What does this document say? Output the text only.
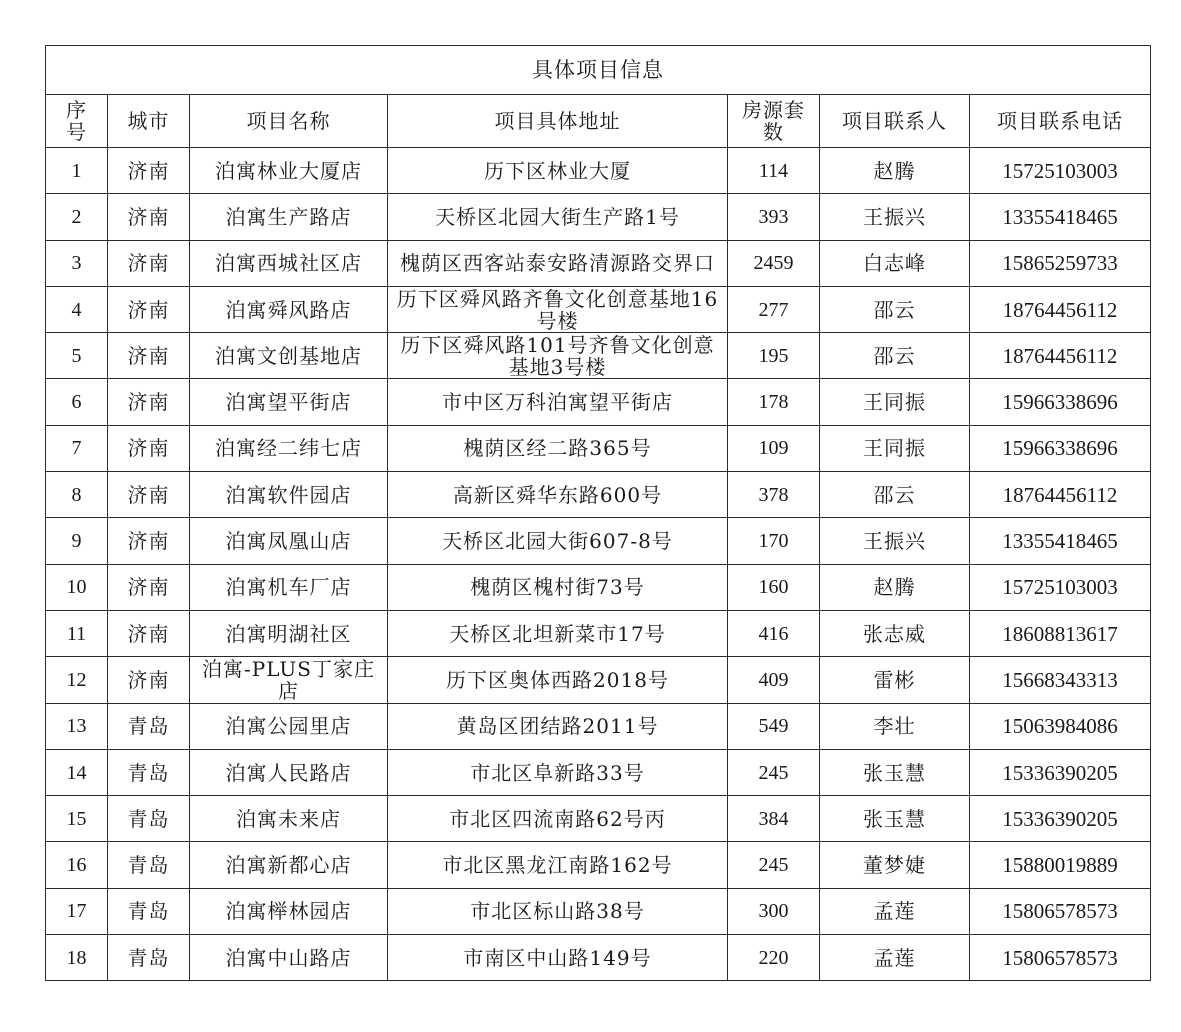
具体项目信息						
序号	城市	项目名称	项目具体地址	房源套数	项目联系人	项目联系电话
1	济南	泊寓林业大厦店	历下区林业大厦	114	赵腾	15725103003
2	济南	泊寓生产路店	天桥区北园大街生产路1号	393	王振兴	13355418465
3	济南	泊寓西城社区店	槐荫区西客站泰安路清源路交界口	2459	白志峰	15865259733
4	济南	泊寓舜风路店	历下区舜风路齐鲁文化创意基地16号楼	277	邵云	18764456112
5	济南	泊寓文创基地店	历下区舜风路101号齐鲁文化创意基地3号楼	195	邵云	18764456112
6	济南	泊寓望平街店	市中区万科泊寓望平街店	178	王同振	15966338696
7	济南	泊寓经二纬七店	槐荫区经二路365号	109	王同振	15966338696
8	济南	泊寓软件园店	高新区舜华东路600号	378	邵云	18764456112
9	济南	泊寓凤凰山店	天桥区北园大街607-8号	170	王振兴	13355418465
10	济南	泊寓机车厂店	槐荫区槐村街73号	160	赵腾	15725103003
11	济南	泊寓明湖社区	天桥区北坦新菜市17号	416	张志威	18608813617
12	济南	泊寓-PLUS丁家庄店	历下区奥体西路2018号	409	雷彬	15668343313
13	青岛	泊寓公园里店	黄岛区团结路2011号	549	李壮	15063984086
14	青岛	泊寓人民路店	市北区阜新路33号	245	张玉慧	15336390205
15	青岛	泊寓未来店	市北区四流南路62号丙	384	张玉慧	15336390205
16	青岛	泊寓新都心店	市北区黑龙江南路162号	245	董梦婕	15880019889
17	青岛	泊寓榉林园店	市北区标山路38号	300	孟莲	15806578573
18	青岛	泊寓中山路店	市南区中山路149号	220	孟莲	15806578573
